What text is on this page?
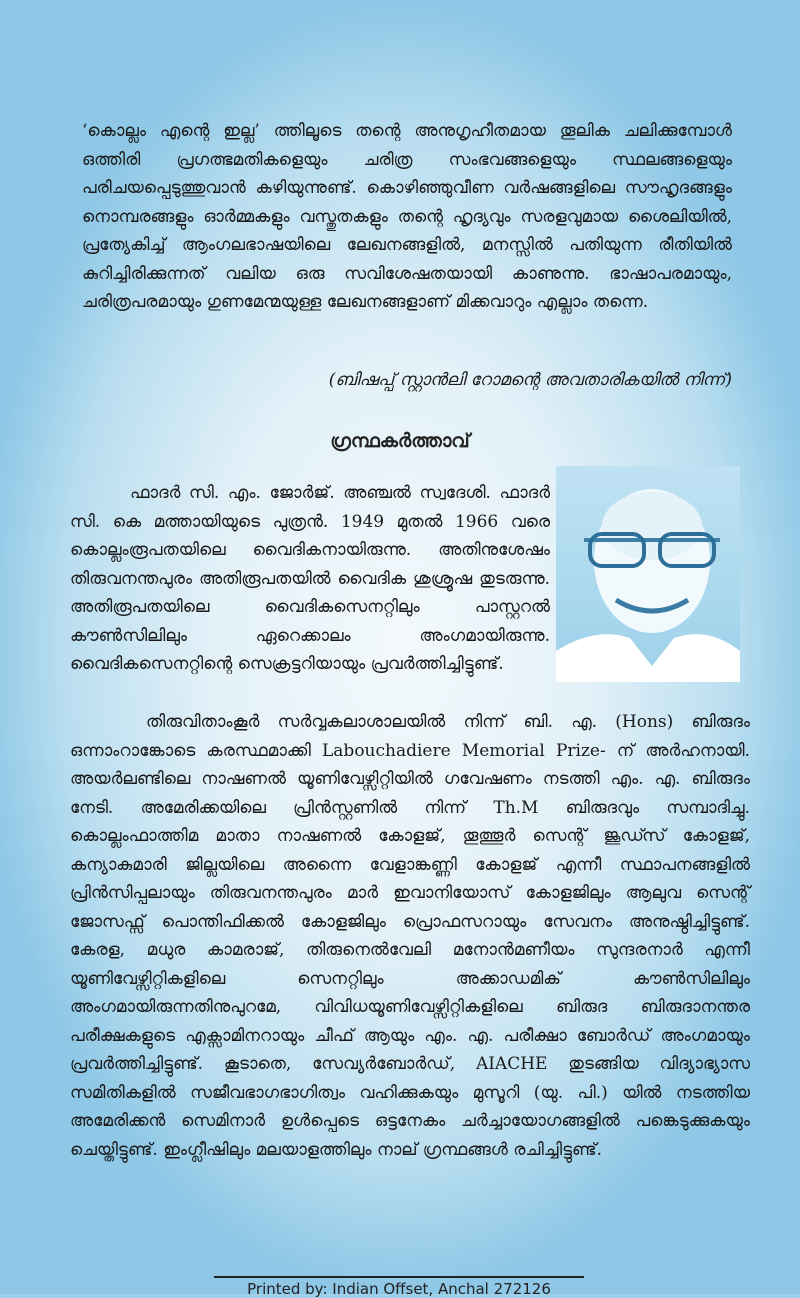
‘കൊല്ലം എന്റെ ഇല്ല’ ത്തിലൂടെ തന്റെ അനുഗൃഹീതമായ തൂലിക ചലിക്കുമ്പോൾ ഒത്തിരി പ്രഗത്ഭമതികളെയും ചരിത്ര സംഭവങ്ങളെയും സ്ഥലങ്ങളെയും പരിചയപ്പെടുത്തുവാൻ കഴിയുന്നുണ്ട്. കൊഴിഞ്ഞുവീണ വർഷങ്ങളിലെ സൗഹൃദങ്ങളും നൊമ്പരങ്ങളും ഓർമ്മകളും വസ്തുതകളും തന്റെ ഹൃദ്യവും സരളവുമായ ശൈലിയിൽ, പ്രത്യേകിച്ച് ആംഗലഭാഷയിലെ ലേഖനങ്ങളിൽ, മനസ്സിൽ പതിയുന്ന രീതിയിൽ കുറിച്ചിരിക്കുന്നത് വലിയ ഒരു സവിശേഷതയായി കാണുന്നു. ഭാഷാപരമായും, ചരിത്രപരമായും ഗുണമേന്മയുള്ള ലേഖനങ്ങളാണ് മിക്കവാറും എല്ലാം തന്നെ.

(ബിഷപ്പ് സ്റ്റാൻലി റോമന്റെ അവതാരികയിൽ നിന്ന്)
ഗ്രന്ഥകർത്താവ്

ഫാദർ സി. എം. ജോർജ്. അഞ്ചൽ സ്വദേശി. ഫാദർ സി. കെ മത്തായിയുടെ പുത്രൻ. 1949 മുതൽ 1966 വരെ കൊല്ലംരൂപതയിലെ വൈദികനായിരുന്നു. അതിനുശേഷം തിരുവനന്തപുരം അതിരൂപതയിൽ വൈദിക ശുശ്രൂഷ തുടരുന്നു. അതിരൂപതയിലെ വൈദികസെനറ്റിലും പാസ്റ്ററൽ കൗൺസിലിലും ഏറെക്കാലം അംഗമായിരുന്നു. വൈദികസെനറ്റിന്റെ സെക്രട്ടറിയായും പ്രവർത്തിച്ചിട്ടുണ്ട്.

തിരുവിതാംകൂർ സർവ്വകലാശാലയിൽ നിന്ന് ബി. എ. (Hons) ബിരുദം ഒന്നാംറാങ്കോടെ കരസ്ഥമാക്കി Labouchadiere Memorial Prize- ന് അർഹനായി. അയർലണ്ടിലെ നാഷണൽ യൂണിവേഴ്സിറ്റിയിൽ ഗവേഷണം നടത്തി എം. എ. ബിരുദം നേടി. അമേരിക്കയിലെ പ്രിൻസ്റ്റണിൽ നിന്ന് Th.M ബിരുദവും സമ്പാദിച്ചു. കൊല്ലംഫാത്തിമ മാതാ നാഷണൽ കോളജ്, തൂത്തൂർ സെന്റ് ജൂഡ്സ് കോളജ്, കന്യാകുമാരി ജില്ലയിലെ അന്നൈ വേളാങ്കണ്ണി കോളജ് എന്നീ സ്ഥാപനങ്ങളിൽ പ്രിൻസിപ്പലായും തിരുവനന്തപുരം മാർ ഇവാനിയോസ് കോളജിലും ആലുവ സെന്റ് ജോസഫ്സ് പൊന്തിഫിക്കൽ കോളജിലും പ്രൊഫസറായും സേവനം അനുഷ്ഠിച്ചിട്ടുണ്ട്. കേരള, മധുര കാമരാജ്, തിരുനെൽവേലി മനോൻമണീയം സുന്ദരനാർ എന്നീ യൂണിവേഴ്സിറ്റികളിലെ സെനറ്റിലും അക്കാഡമിക് കൗൺസിലിലും അംഗമായിരുന്നതിനുപുറമേ, വിവിധയൂണിവേഴ്സിറ്റികളിലെ ബിരുദ ബിരുദാനന്തര പരീക്ഷകളുടെ എക്സാമിനറായും ചീഫ് ആയും എം. എ. പരീക്ഷാ ബോർഡ് അംഗമായും പ്രവർത്തിച്ചിട്ടുണ്ട്. കൂടാതെ, സേവ്യർബോർഡ്, AIACHE തുടങ്ങിയ വിദ്യാഭ്യാസ സമിതികളിൽ സജീവഭാഗഭാഗിത്വം വഹിക്കുകയും മുസൂറി (യു. പി.) യിൽ നടത്തിയ അമേരിക്കൻ സെമിനാർ ഉൾപ്പെടെ ഒട്ടനേകം ചർച്ചായോഗങ്ങളിൽ പങ്കെടുക്കുകയും ചെയ്തിട്ടുണ്ട്. ഇംഗ്ലീഷിലും മലയാളത്തിലും നാല് ഗ്രന്ഥങ്ങൾ രചിച്ചിട്ടുണ്ട്.

Printed by: Indian Offset, Anchal 272126
